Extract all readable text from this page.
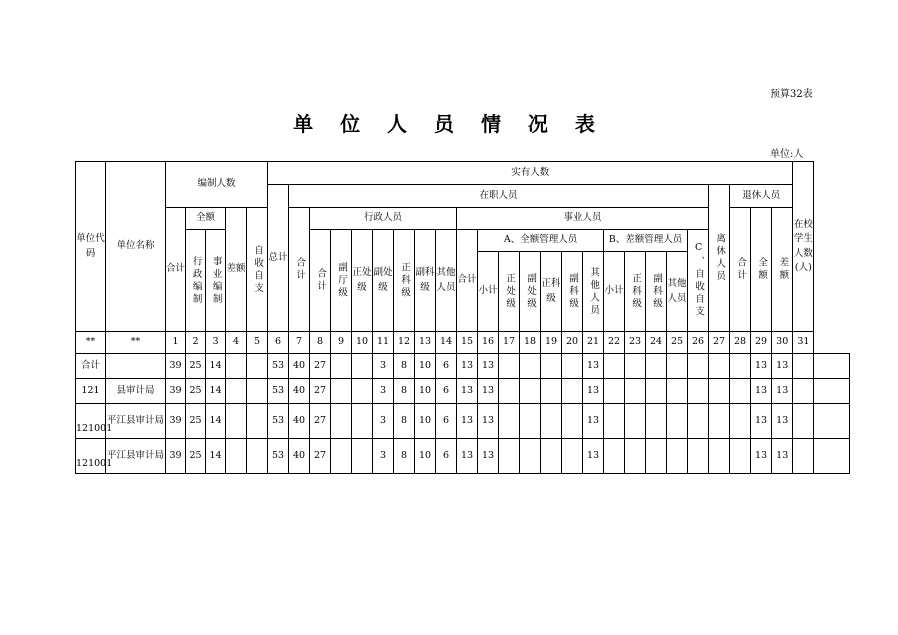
预算32表
单 位 人 员 情 况 表
单位:人
单位代码	单位名称	编制人数					实有人数																									在校学生人数(人)	
							总计	在职人员																				离休人员	退休人员				
		合计	全额		差额	自收自支		合计	行政人员							事业人员													合计	全额	差额		
			行政编制	事业编制					合计	副厅级	正处级	副处级	正科级	副科级	其他人员	合计	A、全额管理人员						B、差额管理人员				C、自收自支						
																	小计	正处级	副处级	正科级	副科级	其他人员	小计	正科级	副科级	其他人员							

**	**	1	2	3	4	5	6	7	8	9	10	11	12	13	14	15	16	17	18	19	20	21	22	23	24	25	26	27	28	29	30	31	
合计		39	25	14			53	40	27			3	8	10	6	13	13					13								13	13		
121	县审计局	39	25	14			53	40	27			3	8	10	6	13	13					13								13	13		
121001	平江县审计局	39	25	14			53	40	27			3	8	10	6	13	13					13								13	13		
121001	平江县审计局	39	25	14			53	40	27			3	8	10	6	13	13					13								13	13		
